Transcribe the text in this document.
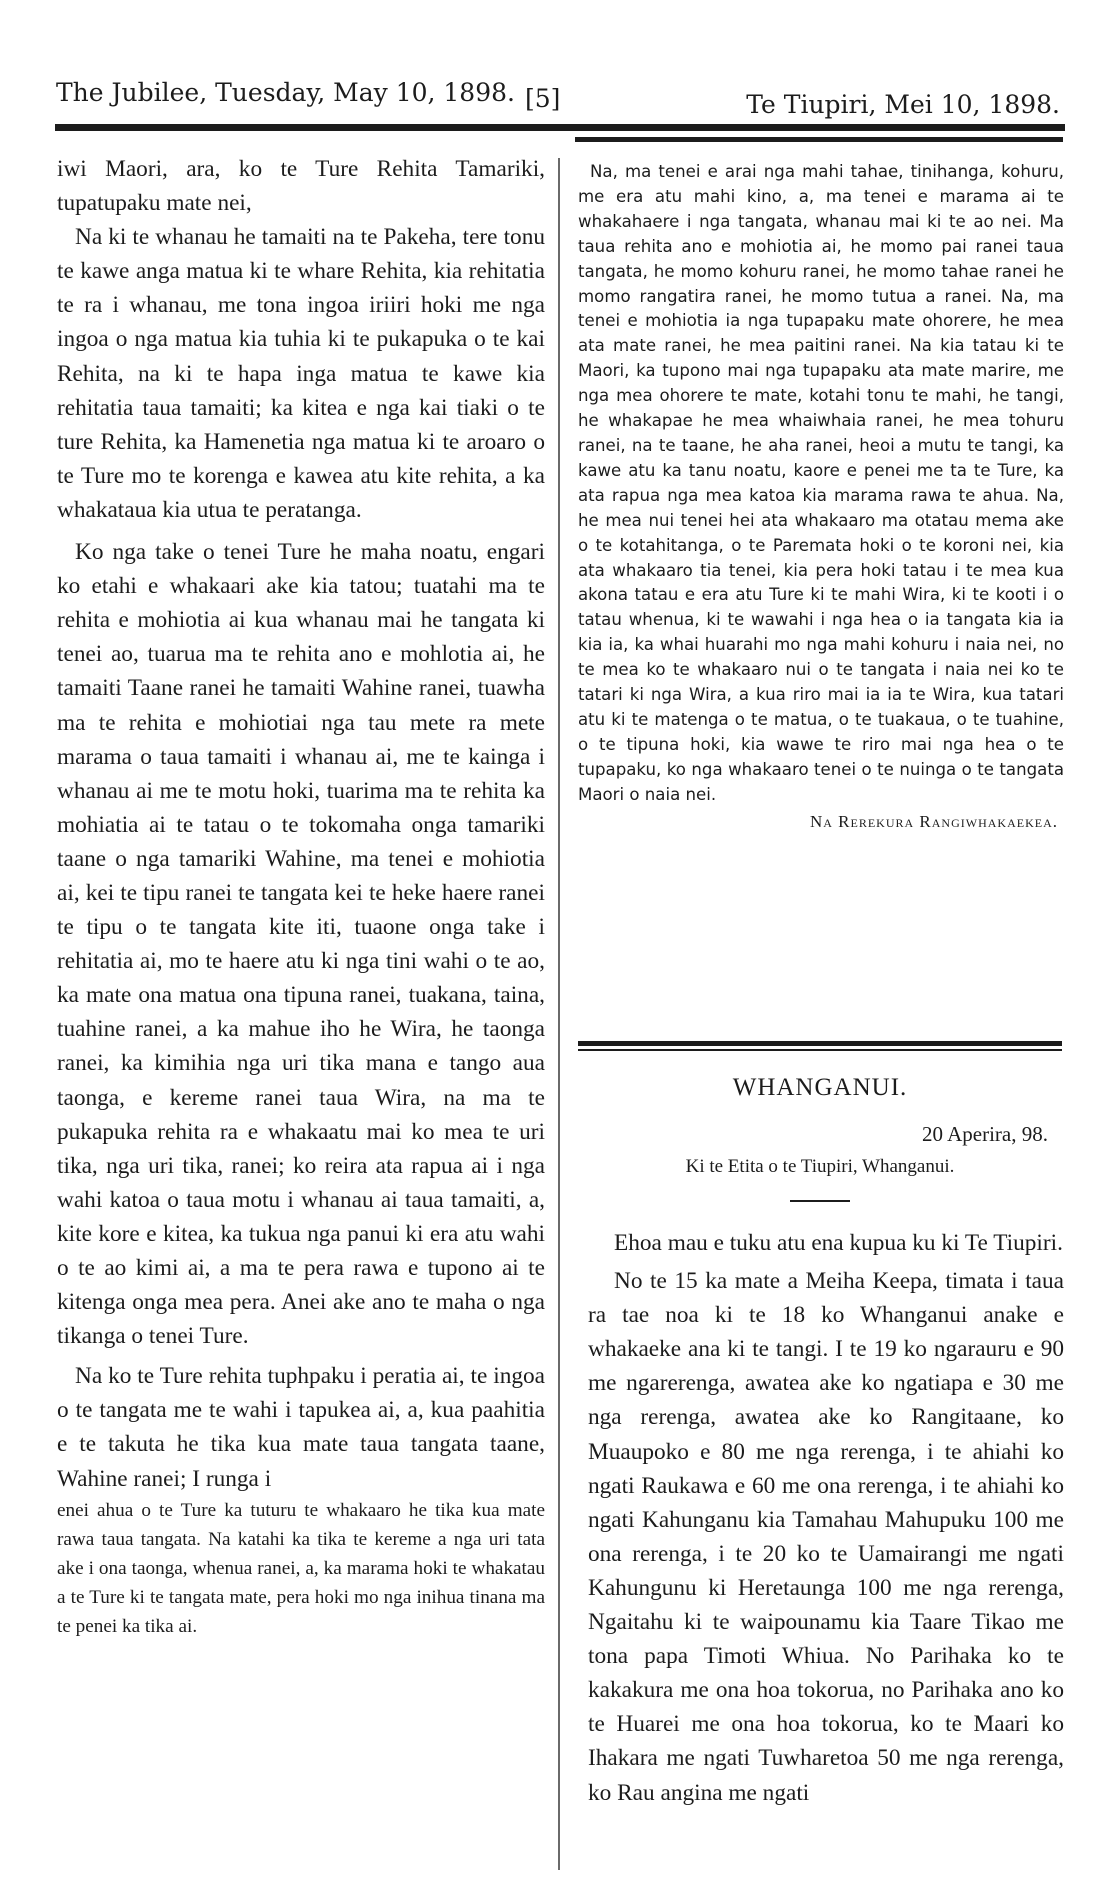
The Jubilee, Tuesday, May 10, 1898. [5]	Te Tiupiri, Mei 10, 1898.

iwi Maori, ara, ko te Ture Rehita Tamariki, tupatupaku mate nei,

Na ki te whanau he tamaiti na te Pakeha, tere tonu te kawe anga matua ki te whare Rehita, kia rehitatia te ra i whanau, me tona ingoa iriiri hoki me nga ingoa o nga matua kia tuhia ki te pukapuka o te kai Rehita, na ki te hapa inga matua te kawe kia rehitatia taua tamaiti; ka kitea e nga kai tiaki o te ture Rehita, ka Hamenetia nga matua ki te aroaro o te Ture mo te korenga e kawea atu kite rehita, a ka whakataua kia utua te peratanga.

Ko nga take o tenei Ture he maha noatu, engari ko etahi e whakaari ake kia tatou; tuatahi ma te rehita e mohiotia ai kua whanau mai he tangata ki tenei ao, tuarua ma te rehita ano e mohlotia ai, he tamaiti Taane ranei he tamaiti Wahine ranei, tuawha ma te rehita e mohiotiai nga tau mete ra mete marama o taua tamaiti i whanau ai, me te kainga i whanau ai me te motu hoki, tuarima ma te rehita ka mohiatia ai te tatau o te tokomaha onga tamariki taane o nga tamariki Wahine, ma tenei e mohiotia ai, kei te tipu ranei te tangata kei te heke haere ranei te tipu o te tangata kite iti, tuaone onga take i rehitatia ai, mo te haere atu ki nga tini wahi o te ao, ka mate ona matua ona tipuna ranei, tuakana, taina, tuahine ranei, a ka mahue iho he Wira, he taonga ranei, ka kimihia nga uri tika mana e tango aua taonga, e kereme ranei taua Wira, na ma te pukapuka rehita ra e whakaatu mai ko mea te uri tika, nga uri tika, ranei; ko reira ata rapua ai i nga wahi katoa o taua motu i whanau ai taua tamaiti, a, kite kore e kitea, ka tukua nga panui ki era atu wahi o te ao kimi ai, a ma te pera rawa e tupono ai te kitenga onga mea pera. Anei ake ano te maha o nga tikanga o tenei Ture.

Na ko te Ture rehita tuphpaku i peratia ai, te ingoa o te tangata me te wahi i tapukea ai, a, kua paahitia e te takuta he tika kua mate taua tangata taane, Wahine ranei; I runga i

enei ahua o te Ture ka tuturu te whakaaro he tika kua mate rawa taua tangata. Na katahi ka tika te kereme a nga uri tata ake i ona taonga, whenua ranei, a, ka marama hoki te whakatau a te Ture ki te tangata mate, pera hoki mo nga inihua tinana ma te penei ka tika ai.

Na, ma tenei e arai nga mahi tahae, tinihanga, kohuru, me era atu mahi kino, a, ma tenei e marama ai te whakahaere i nga tangata, whanau mai ki te ao nei. Ma taua rehita ano e mohiotia ai, he momo pai ranei taua tangata, he momo kohuru ranei, he momo tahae ranei he momo rangatira ranei, he momo tutua a ranei. Na, ma tenei e mohiotia ia nga tupapaku mate ohorere, he mea ata mate ranei, he mea paitini ranei. Na kia tatau ki te Maori, ka tupono mai nga tupapaku ata mate marire, me nga mea ohorere te mate, kotahi tonu te mahi, he tangi, he whakapae he mea whaiwhaia ranei, he mea tohuru ranei, na te taane, he aha ranei, heoi a mutu te tangi, ka kawe atu ka tanu noatu, kaore e penei me ta te Ture, ka ata rapua nga mea katoa kia marama rawa te ahua. Na, he mea nui tenei hei ata whakaaro ma otatau mema ake o te kotahitanga, o te Paremata hoki o te koroni nei, kia ata whakaaro tia tenei, kia pera hoki tatau i te mea kua akona tatau e era atu Ture ki te mahi Wira, ki te kooti i o tatau whenua, ki te wawahi i nga hea o ia tangata kia ia kia ia, ka whai huarahi mo nga mahi kohuru i naia nei, no te mea ko te whakaaro nui o te tangata i naia nei ko te tatari ki nga Wira, a kua riro mai ia ia te Wira, kua tatari atu ki te matenga o te matua, o te tuakaua, o te tuahine, o te tipuna hoki, kia wawe te riro mai nga hea o te tupapaku, ko nga whakaaro tenei o te nuinga o te tangata Maori o naia nei.

Na Rerekura Rangiwhakaekea.
WHANGANUI.
20 Aperira, 98.
Ki te Etita o te Tiupiri, Whanganui.

Ehoa mau e tuku atu ena kupua ku ki Te Tiupiri.

No te 15 ka mate a Meiha Keepa, timata i taua ra tae noa ki te 18 ko Whanganui anake e whakaeke ana ki te tangi. I te 19 ko ngarauru e 90 me ngarerenga, awatea ake ko ngatiapa e 30 me nga rerenga, awatea ake ko Rangitaane, ko Muaupoko e 80 me nga rerenga, i te ahiahi ko ngati Raukawa e 60 me ona rerenga, i te ahiahi ko ngati Kahunganu kia Tamahau Mahupuku 100 me ona rerenga, i te 20 ko te Uamairangi me ngati Kahungunu ki Heretaunga 100 me nga rerenga, Ngaitahu ki te waipounamu kia Taare Tikao me tona papa Timoti Whiua. No Parihaka ko te kakakura me ona hoa tokorua, no Parihaka ano ko te Huarei me ona hoa tokorua, ko te Maari ko Ihakara me ngati Tuwharetoa 50 me nga rerenga, ko Rau angina me ngati
